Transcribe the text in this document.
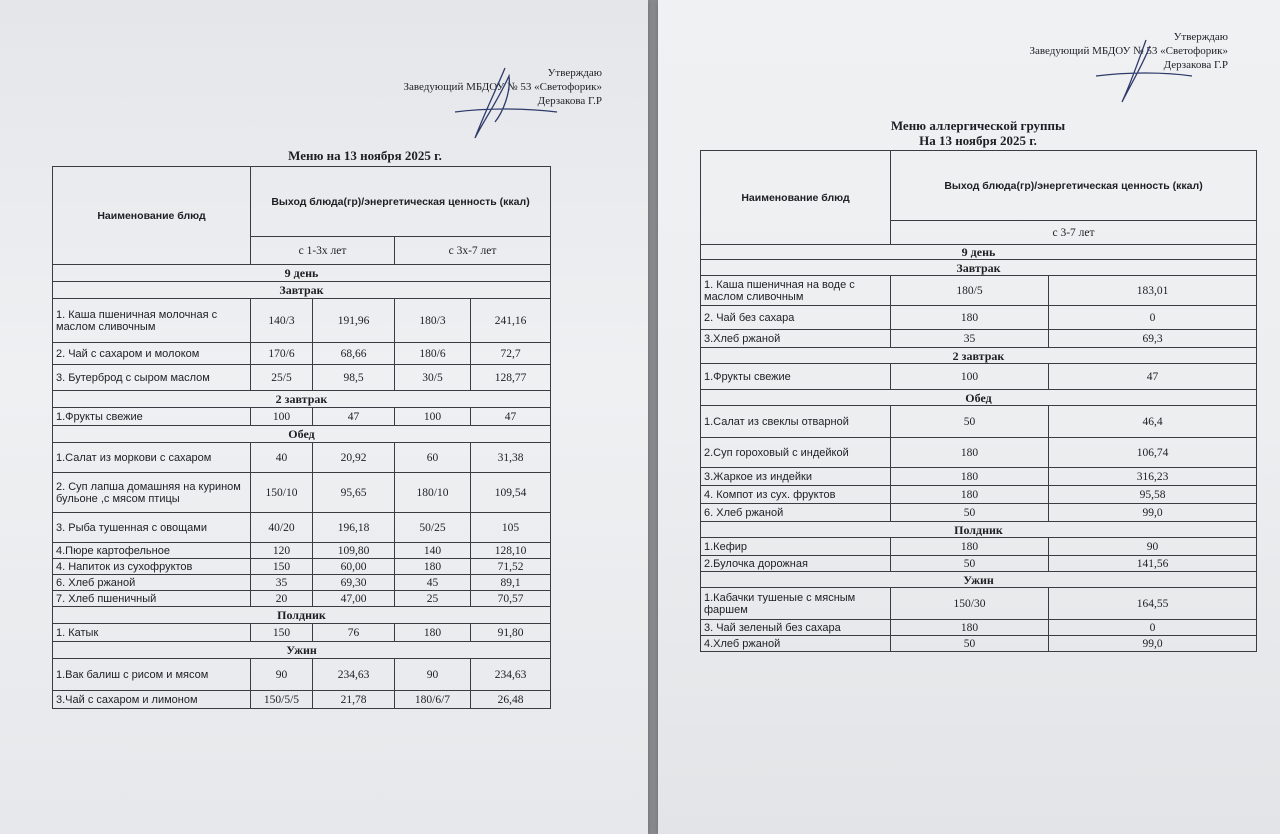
Утверждаю
Заведующий МБДОУ № 53 «Светофорик»
Дерзакова Г.Р
Меню на 13 ноября 2025 г.
Наименование блюд	Выход блюда(гр)/энергетическая ценность (ккал)			
	с 1-3х лет		с 3х-7 лет	
9 день				
Завтрак				
1. Каша пшеничная молочная с маслом сливочным	140/3	191,96	180/3	241,16
2. Чай с сахаром и молоком	170/6	68,66	180/6	72,7
3. Бутерброд с сыром маслом	25/5	98,5	30/5	128,77
2 завтрак				
1.Фрукты свежие	100	47	100	47
Обед				
1.Салат из моркови с сахаром	40	20,92	60	31,38
2. Суп лапша домашняя на курином бульоне ,с мясом птицы	150/10	95,65	180/10	109,54
3. Рыба тушенная с овощами	40/20	196,18	50/25	105
4.Пюре картофельное	120	109,80	140	128,10
4. Напиток из сухофруктов	150	60,00	180	71,52
6. Хлеб ржаной	35	69,30	45	89,1
7. Хлеб пшеничный	20	47,00	25	70,57
Полдник				
1. Катык	150	76	180	91,80
Ужин				
1.Вак балиш с рисом и мясом	90	234,63	90	234,63
3.Чай с сахаром и лимоном	150/5/5	21,78	180/6/7	26,48
Утверждаю
Заведующий МБДОУ № 53 «Светофорик»
Дерзакова Г.Р
Меню аллергической группы
На 13 ноября 2025 г.
Наименование блюд	Выход блюда(гр)/энергетическая ценность (ккал)	
	с 3-7 лет	
9 день		
Завтрак		
1. Каша пшеничная на воде с маслом сливочным	180/5	183,01
2. Чай без сахара	180	0
3.Хлеб ржаной	35	69,3
2 завтрак		
1.Фрукты свежие	100	47
Обед		
1.Салат из свеклы отварной	50	46,4
2.Суп гороховый с индейкой	180	106,74
3.Жаркое из индейки	180	316,23
4. Компот из сух. фруктов	180	95,58
6. Хлеб ржаной	50	99,0
Полдник		
1.Кефир	180	90
2.Булочка дорожная	50	141,56
Ужин		
1.Кабачки тушеные с мясным фаршем	150/30	164,55
3. Чай зеленый без сахара	180	0
4.Хлеб ржаной	50	99,0
